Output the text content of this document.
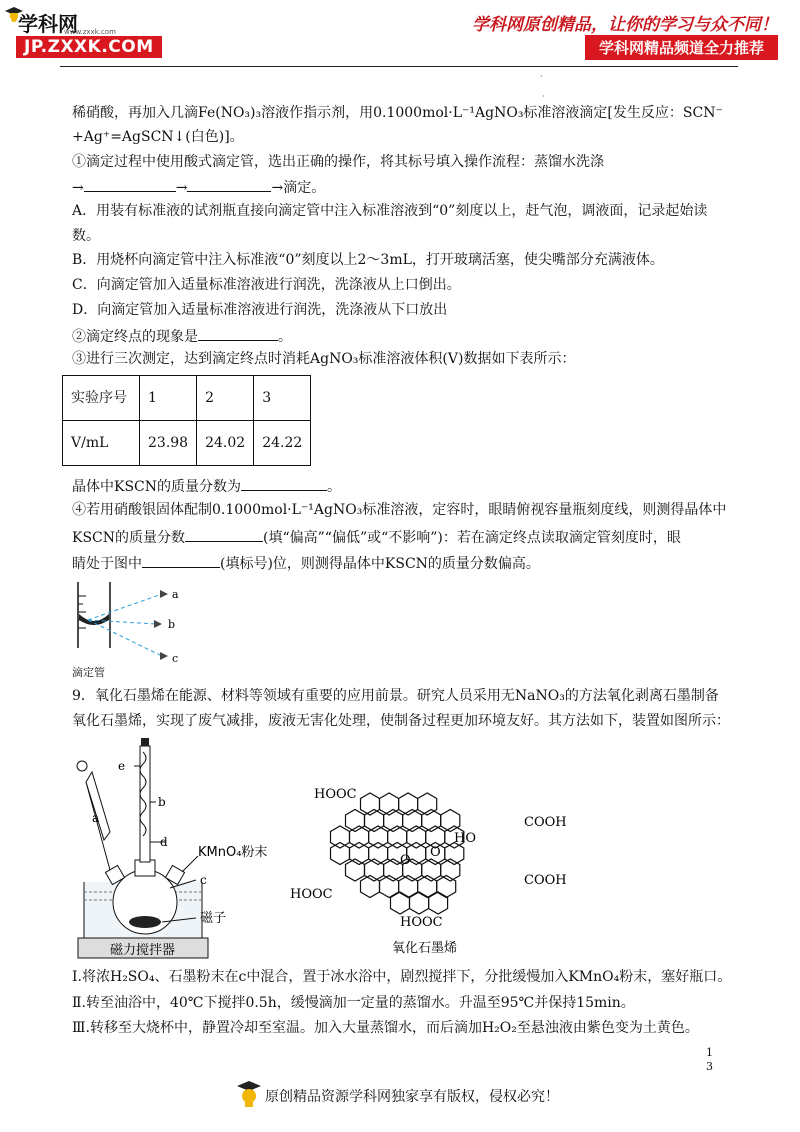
学科网
www.zxxk.com
JP.ZXXK.COM
学科网原创精品，让你的学习与众不同！
学科网精品频道全力推荐
·
·
稀硝酸，再加入几滴Fe(NO₃)₃溶液作指示剂，用0.1000mol·L⁻¹AgNO₃标准溶液滴定[发生反应：SCN⁻
+Ag⁺=AgSCN↓(白色)]。
①滴定过程中使用酸式滴定管，选出正确的操作，将其标号填入操作流程：蒸馏水洗涤
→	→	→滴定。
A．用装有标准液的试剂瓶直接向滴定管中注入标准溶液到“0”刻度以上，赶气泡，调液面，记录起始读
数。
B．用烧杯向滴定管中注入标准液“0”刻度以上2～3mL，打开玻璃活塞，使尖嘴部分充满液体。
C．向滴定管加入适量标准溶液进行润洗，洗涤液从上口倒出。
D．向滴定管加入适量标准溶液进行润洗，洗涤液从下口放出
②滴定终点的现象是	。
③进行三次测定，达到滴定终点时消耗AgNO₃标准溶液体积(V)数据如下表所示：
实验序号	1	2	3
V/mL	23.98	24.02	24.22
晶体中KSCN的质量分数为	。
④若用硝酸银固体配制0.1000mol·L⁻¹AgNO₃标准溶液，定容时，眼睛俯视容量瓶刻度线，则测得晶体中
KSCN的质量分数	(填“偏高”“偏低”或“不影响”)：若在滴定终点读取滴定管刻度时，眼
睛处于图中	(填标号)位，则测得晶体中KSCN的质量分数偏高。
a
b
c
滴定管
9．氧化石墨烯在能源、材料等领域有重要的应用前景。研究人员采用无NaNO₃的方法氧化剥离石墨制备
氧化石墨烯，实现了废气减排，废液无害化处理，使制备过程更加环境友好。其方法如下，装置如图所示：
磁力搅拌器
a
e
b
d
KMnO₄粉末
c
磁子
HOOC
COOH
COOH
HOOC
HOOC
HO
O
O
氧化石墨烯
Ⅰ.将浓H₂SO₄、石墨粉末在c中混合，置于冰水浴中，剧烈搅拌下，分批缓慢加入KMnO₄粉末，塞好瓶口。
Ⅱ.转至油浴中，40℃下搅拌0.5h，缓慢滴加一定量的蒸馏水。升温至95℃并保持15min。
Ⅲ.转移至大烧杯中，静置冷却至室温。加入大量蒸馏水，而后滴加H₂O₂至悬浊液由紫色变为土黄色。
原创精品资源学科网独家享有版权，侵权必究！
1
3
